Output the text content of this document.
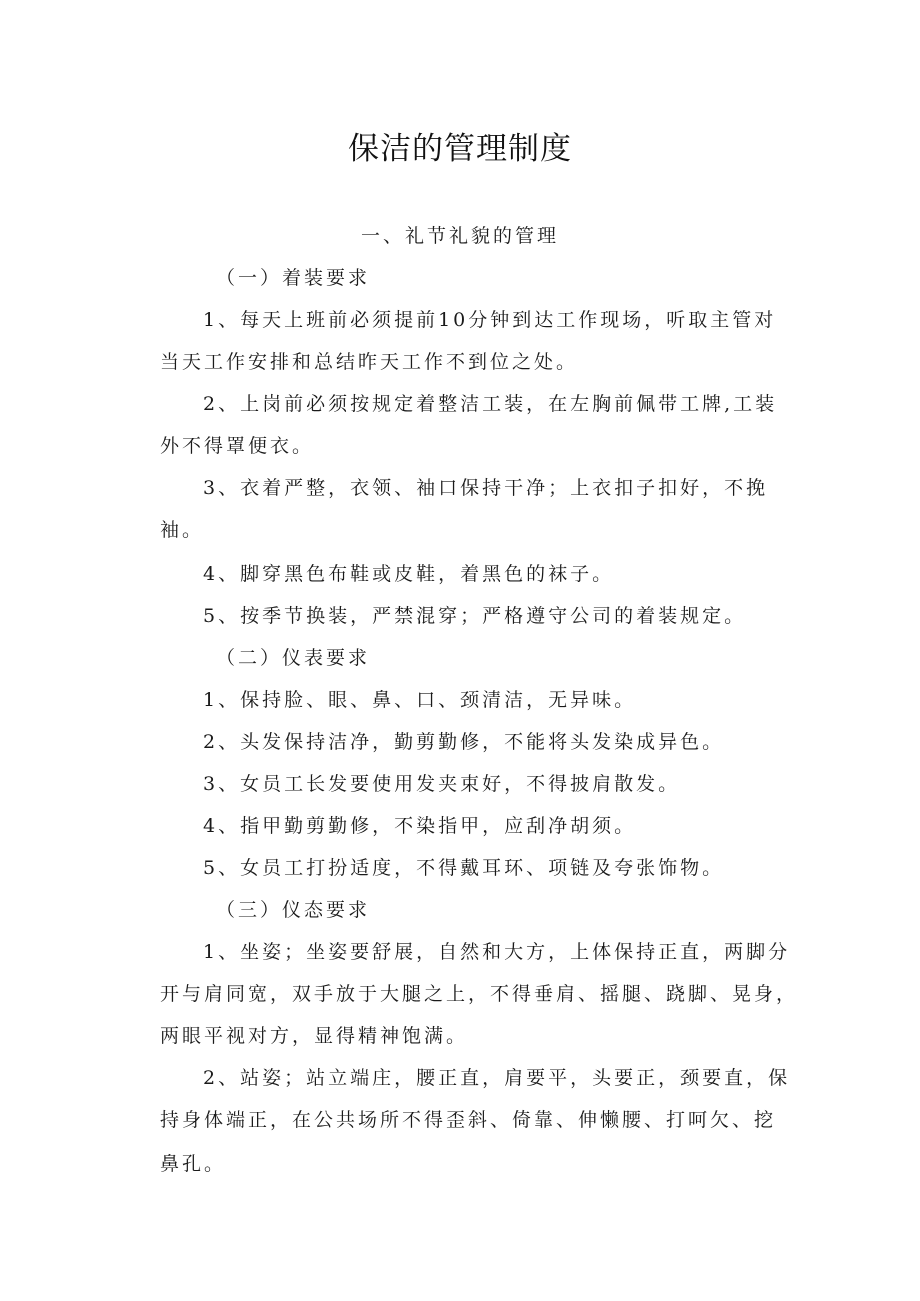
保洁的管理制度
一、礼节礼貌的管理
（一）着装要求
1、每天上班前必须提前10分钟到达工作现场，听取主管对
当天工作安排和总结昨天工作不到位之处。
2、上岗前必须按规定着整洁工装，在左胸前佩带工牌,工装
外不得罩便衣。
3、衣着严整，衣领、袖口保持干净；上衣扣子扣好，不挽
袖。
4、脚穿黑色布鞋或皮鞋，着黑色的袜子。
5、按季节换装，严禁混穿；严格遵守公司的着装规定。
（二）仪表要求
1、保持脸、眼、鼻、口、颈清洁，无异味。
2、头发保持洁净，勤剪勤修，不能将头发染成异色。
3、女员工长发要使用发夹束好，不得披肩散发。
4、指甲勤剪勤修，不染指甲，应刮净胡须。
5、女员工打扮适度，不得戴耳环、项链及夸张饰物。
（三）仪态要求
1、坐姿；坐姿要舒展，自然和大方，上体保持正直，两脚分
开与肩同宽，双手放于大腿之上，不得垂肩、摇腿、跷脚、晃身，
两眼平视对方，显得精神饱满。
2、站姿；站立端庄，腰正直，肩要平，头要正，颈要直，保
持身体端正，在公共场所不得歪斜、倚靠、伸懒腰、打呵欠、挖
鼻孔。
